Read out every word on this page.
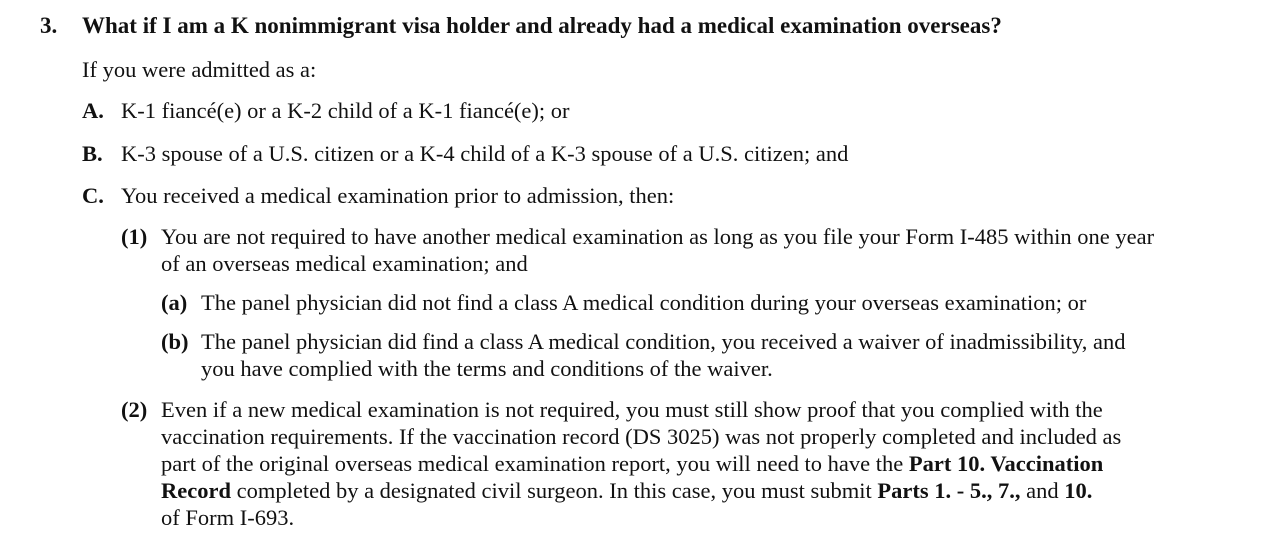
3. What if I am a K nonimmigrant visa holder and already had a medical examination overseas?
If you were admitted as a:
A. K-1 fiancé(e) or a K-2 child of a K-1 fiancé(e); or
B. K-3 spouse of a U.S. citizen or a K-4 child of a K-3 spouse of a U.S. citizen; and
C. You received a medical examination prior to admission, then:
(1) You are not required to have another medical examination as long as you file your Form I-485 within one year
of an overseas medical examination; and
(a) The panel physician did not find a class A medical condition during your overseas examination; or
(b) The panel physician did find a class A medical condition, you received a waiver of inadmissibility, and
you have complied with the terms and conditions of the waiver.
(2) Even if a new medical examination is not required, you must still show proof that you complied with the
vaccination requirements. If the vaccination record (DS 3025) was not properly completed and included as
part of the original overseas medical examination report, you will need to have the Part 10. Vaccination
Record completed by a designated civil surgeon. In this case, you must submit Parts 1. - 5., 7., and 10.
of Form I-693.
